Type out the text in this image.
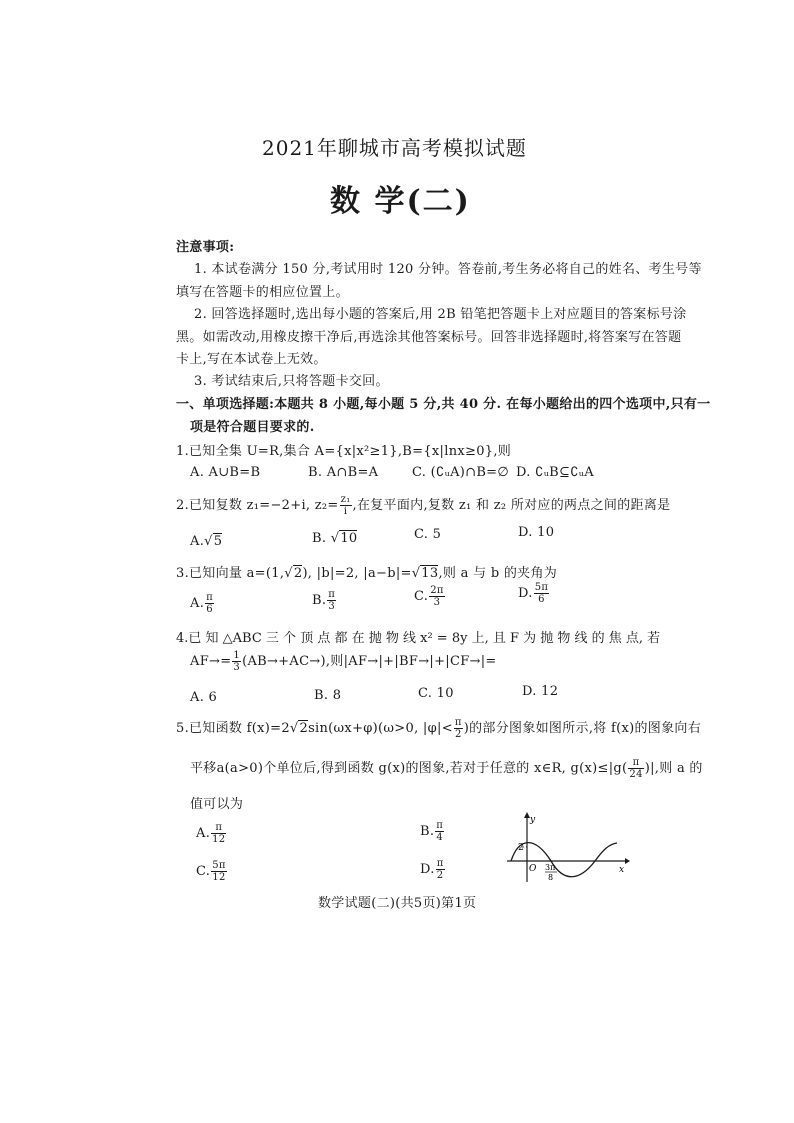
2021年聊城市高考模拟试题
数 学(二)
注意事项:
1. 本试卷满分 150 分,考试用时 120 分钟。答卷前,考生务必将自己的姓名、考生号等
填写在答题卡的相应位置上。
2. 回答选择题时,选出每小题的答案后,用 2B 铅笔把答题卡上对应题目的答案标号涂
黑。如需改动,用橡皮擦干净后,再选涂其他答案标号。回答非选择题时,将答案写在答题
卡上,写在本试卷上无效。
3. 考试结束后,只将答题卡交回。
一、单项选择题:本题共 8 小题,每小题 5 分,共 40 分. 在每小题给出的四个选项中,只有一
项是符合题目要求的.
1.已知全集 U=R,集合 A={x|x²≥1},B={x|lnx≥0},则
A. A∪B=B	B. A∩B=A	C. (∁ᵤA)∩B=∅ D. ∁ᵤB⊆∁ᵤA
2.已知复数 z₁=−2+i, $z_2= \frac{\text{z₁}}{i}$ ,在复平面内,复数 z₁ 和 z₂ 所对应的两点之间的距离是
A.√5	B. √10	C. 5	D. 10
3.已知向量 a=(1,√2), |b|=2, |a−b|=√13,则 a 与 b 的夹角为
A. $\frac{\pi}{6}$	B. $\frac{\pi}{3}$	C. $\frac{2\pi}{3}$	D. $\frac{5\pi}{6}$
4.已 知 △ABC 三 个 顶 点 都 在 抛 物 线 x² = 8y 上, 且 F 为 抛 物 线 的 焦 点, 若
$AF\to= \frac{1}{3} (AB\to+AC\to)$,则|AF→|+|BF→|+|CF→|=
A. 6	B. 8	C. 10	D. 12
5.已知函数 f(x)=2√2sin(ωx+φ)(ω>0, $|\varphi|< \frac{\pi}{2}$ )的部分图象如图所示,将 f(x)的图象向右
平移a(a>0)个单位后,得到函数 g(x)的图象,若对于任意的 x∈R, $g(x)\le|g( \frac{\pi}{24}$ )|,则 a 的
值可以为
A. $\frac{\pi}{12}$	B. $\frac{\pi}{4}$
C. $\frac{5\pi}{12}$	D. $\frac{\pi}{2}$
y
2
O 3π
8
x
数学试题(二)(共5页)第1页
